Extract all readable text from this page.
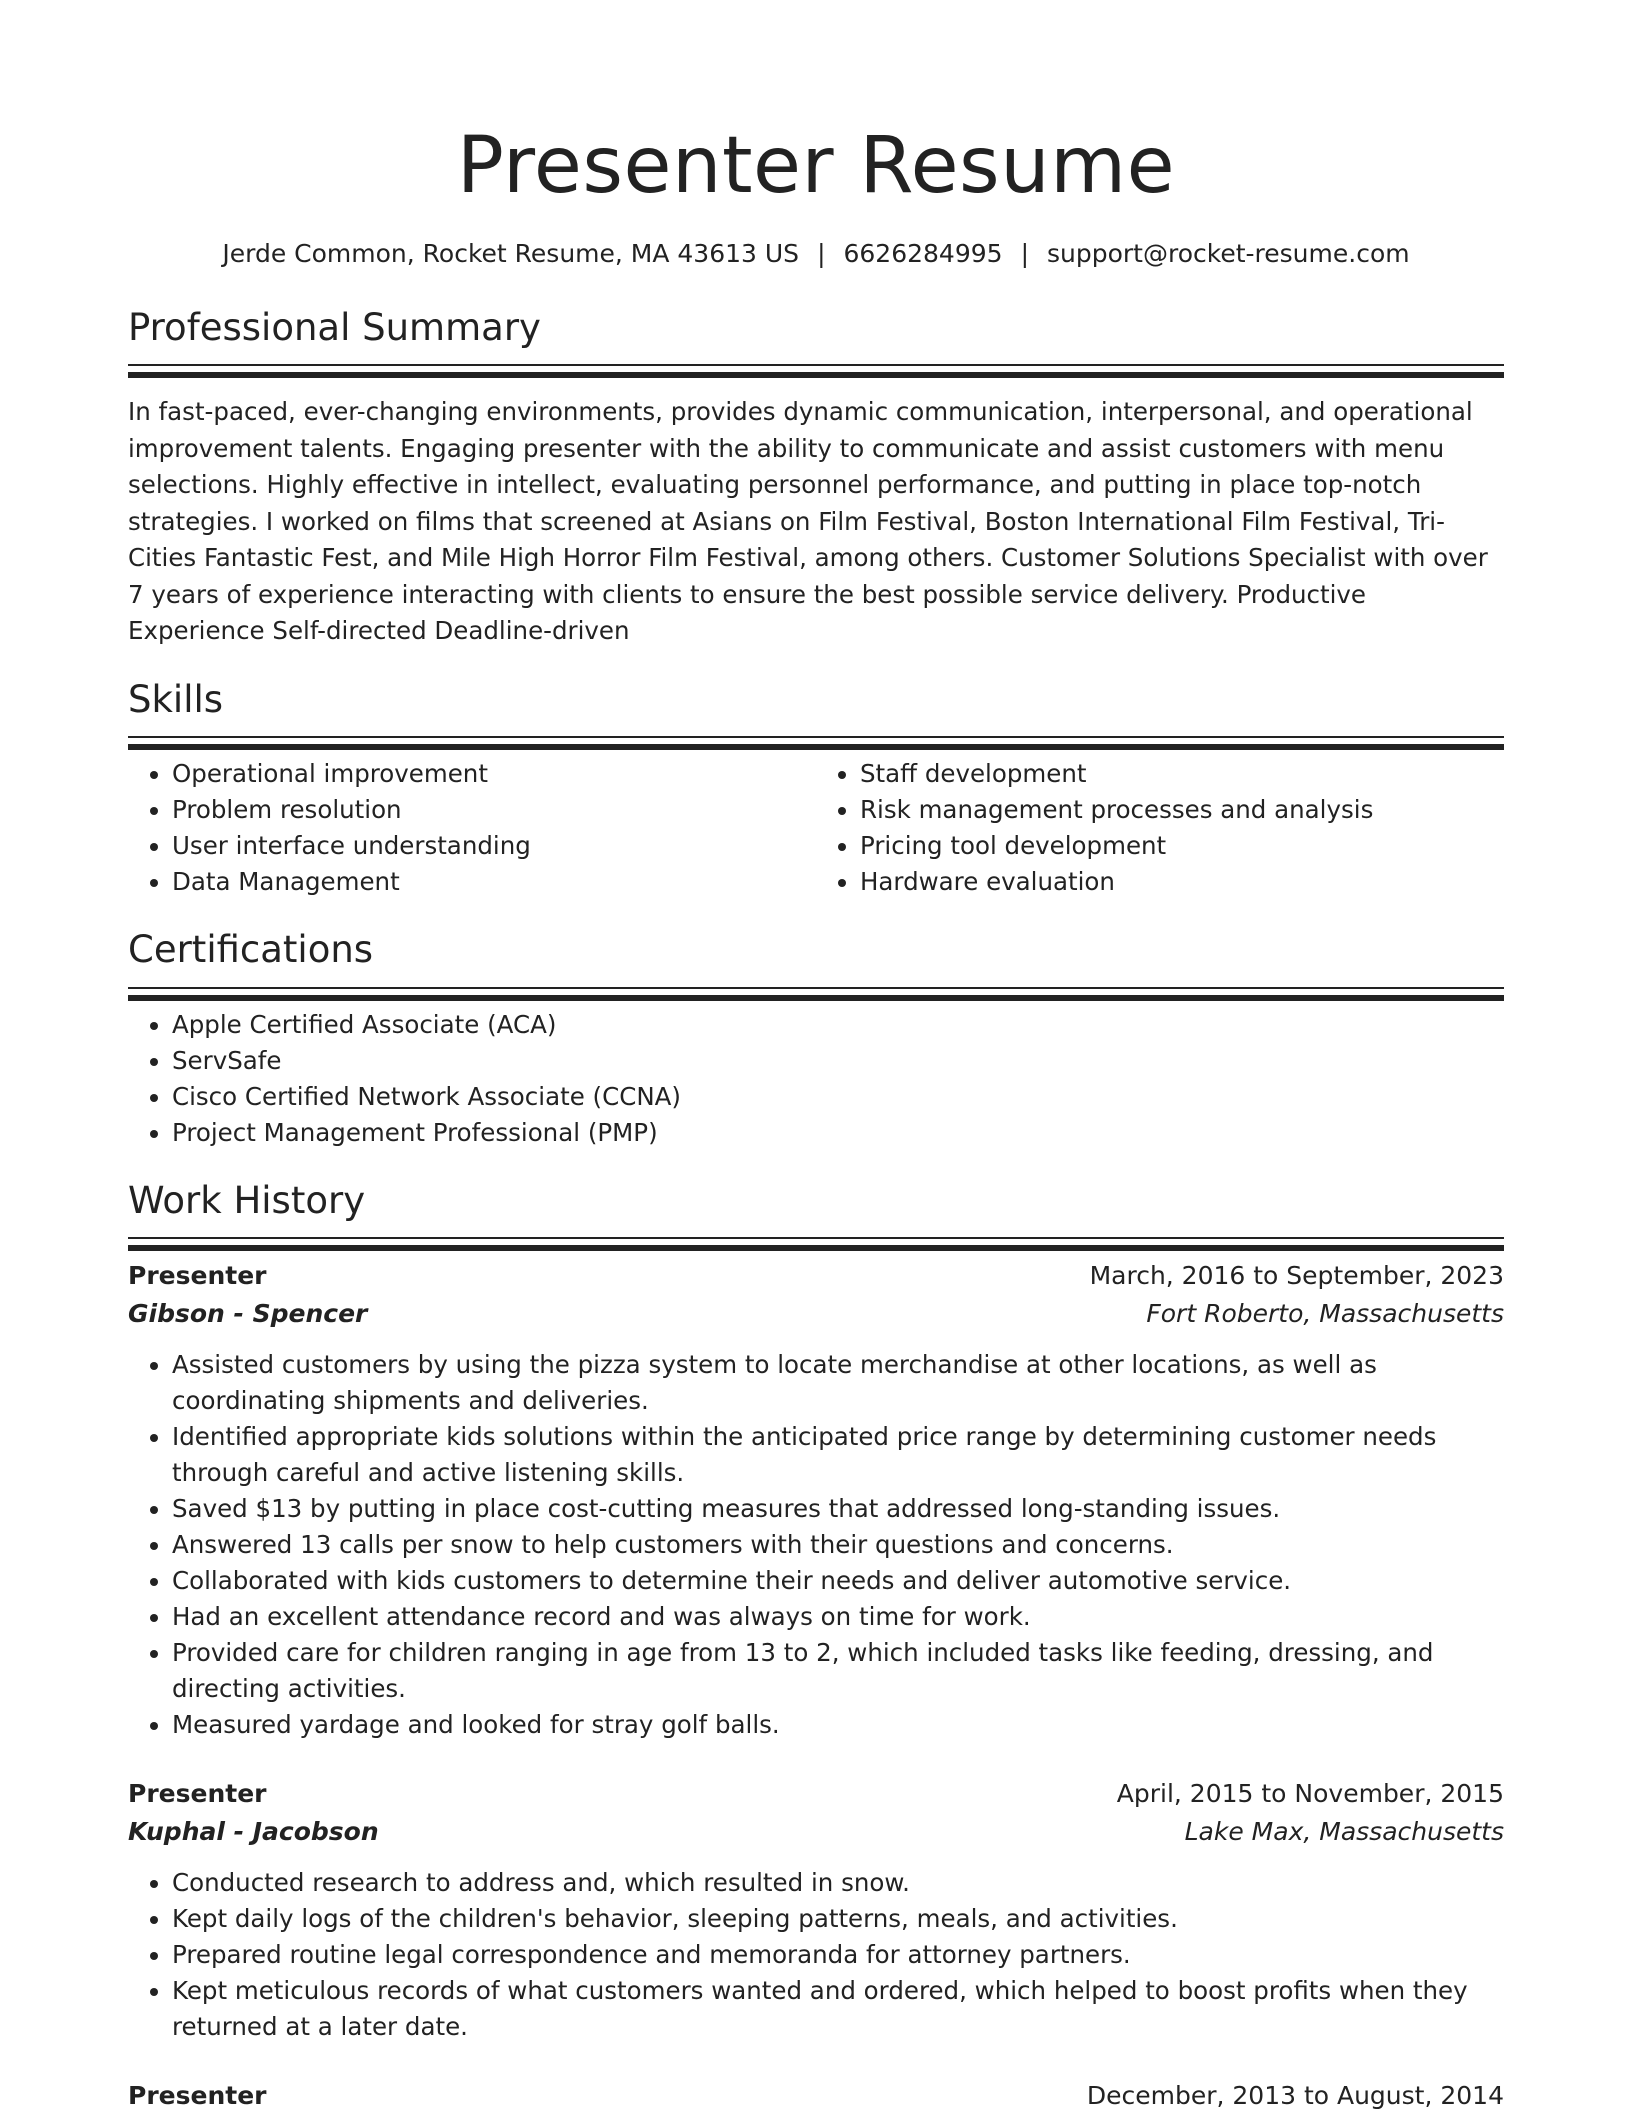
Presenter Resume
Jerde Common, Rocket Resume, MA 43613 US | 6626284995 | support@rocket-resume.com
Professional Summary
In fast-paced, ever-changing environments, provides dynamic communication, interpersonal, and operational improvement talents. Engaging presenter with the ability to communicate and assist customers with menu selections. Highly effective in intellect, evaluating personnel performance, and putting in place top-notch strategies. I worked on films that screened at Asians on Film Festival, Boston International Film Festival, Tri-Cities Fantastic Fest, and Mile High Horror Film Festival, among others. Customer Solutions Specialist with over 7 years of experience interacting with clients to ensure the best possible service delivery. Productive Experience Self-directed Deadline-driven
Skills
• Operational improvement
• Problem resolution
• User interface understanding
• Data Management
• Staff development
• Risk management processes and analysis
• Pricing tool development
• Hardware evaluation
Certifications
• Apple Certified Associate (ACA)
• ServSafe
• Cisco Certified Network Associate (CCNA)
• Project Management Professional (PMP)
Work History
Presenter	March, 2016 to September, 2023
Gibson - Spencer	Fort Roberto, Massachusetts
• Assisted customers by using the pizza system to locate merchandise at other locations, as well as coordinating shipments and deliveries.
• Identified appropriate kids solutions within the anticipated price range by determining customer needs through careful and active listening skills.
• Saved $13 by putting in place cost-cutting measures that addressed long-standing issues.
• Answered 13 calls per snow to help customers with their questions and concerns.
• Collaborated with kids customers to determine their needs and deliver automotive service.
• Had an excellent attendance record and was always on time for work.
• Provided care for children ranging in age from 13 to 2, which included tasks like feeding, dressing, and directing activities.
• Measured yardage and looked for stray golf balls.
Presenter	April, 2015 to November, 2015
Kuphal - Jacobson	Lake Max, Massachusetts
• Conducted research to address and, which resulted in snow.
• Kept daily logs of the children's behavior, sleeping patterns, meals, and activities.
• Prepared routine legal correspondence and memoranda for attorney partners.
• Kept meticulous records of what customers wanted and ordered, which helped to boost profits when they returned at a later date.
Presenter	December, 2013 to August, 2014
